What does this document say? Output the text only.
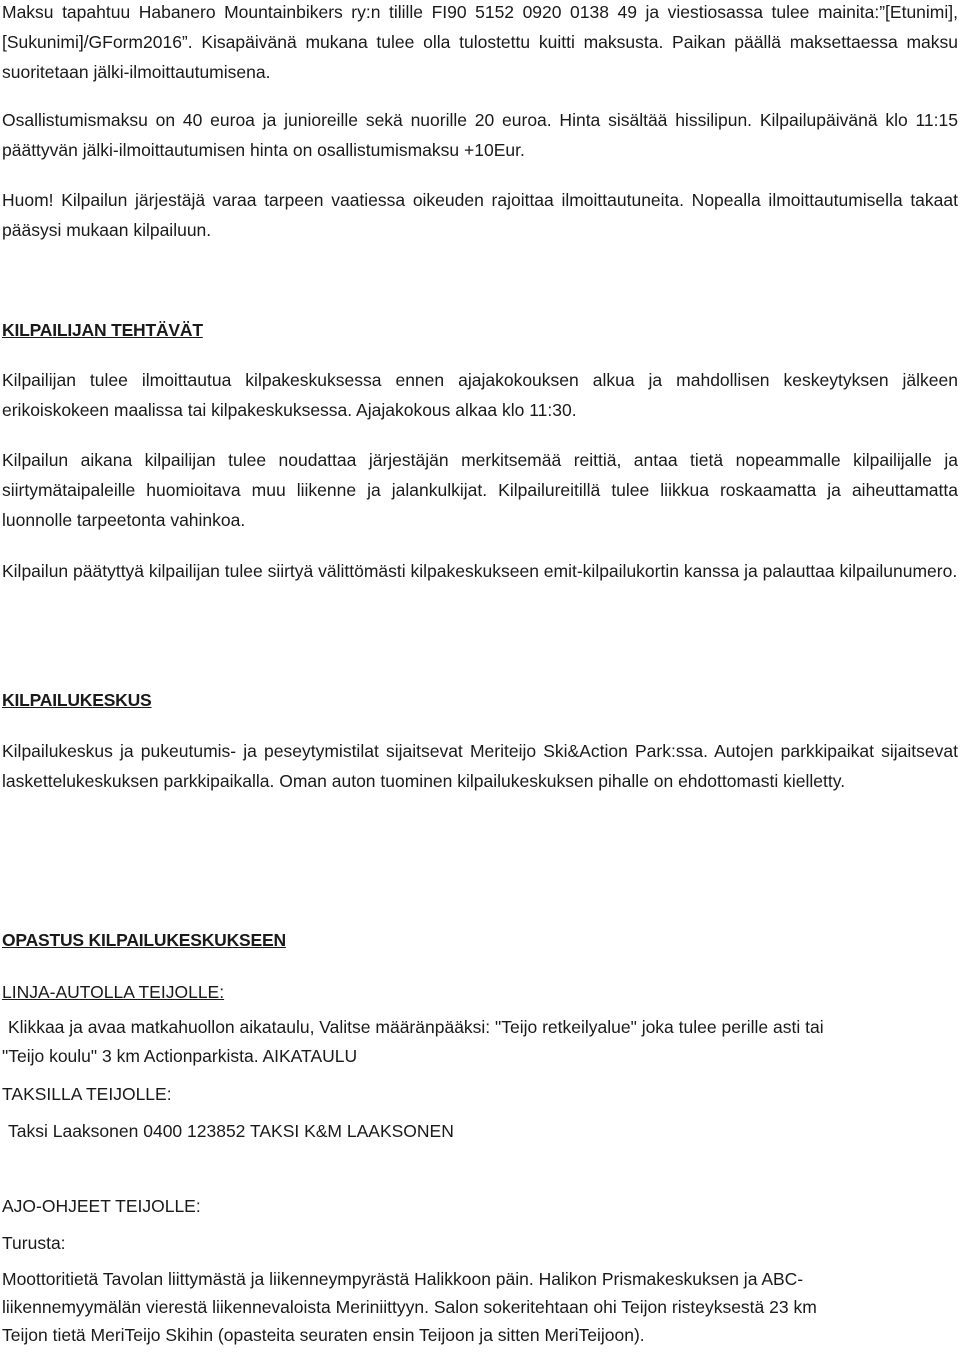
Maksu tapahtuu Habanero Mountainbikers ry:n tilille FI90 5152 0920 0138 49 ja viestiosassa tulee mainita:”[Etunimi], [Sukunimi]/GForm2016”. Kisapäivänä mukana tulee olla tulostettu kuitti maksusta. Paikan päällä maksettaessa maksu suoritetaan jälki-ilmoittautumisena.

Osallistumismaksu on 40 euroa ja junioreille sekä nuorille 20 euroa. Hinta sisältää hissilipun. Kilpailupäivänä klo 11:15 päättyvän jälki-ilmoittautumisen hinta on osallistumismaksu +10Eur.

Huom! Kilpailun järjestäjä varaa tarpeen vaatiessa oikeuden rajoittaa ilmoittautuneita. Nopealla ilmoittautumisella takaat pääsysi mukaan kilpailuun.

KILPAILIJAN TEHTÄVÄT

Kilpailijan tulee ilmoittautua kilpakeskuksessa ennen ajajakokouksen alkua ja mahdollisen keskeytyksen jälkeen erikoiskokeen maalissa tai kilpakeskuksessa. Ajajakokous alkaa klo 11:30.

Kilpailun aikana kilpailijan tulee noudattaa järjestäjän merkitsemää reittiä, antaa tietä nopeammalle kilpailijalle ja siirtymätaipaleille huomioitava muu liikenne ja jalankulkijat. Kilpailureitillä tulee liikkua roskaamatta ja aiheuttamatta luonnolle tarpeetonta vahinkoa.

Kilpailun päätyttyä kilpailijan tulee siirtyä välittömästi kilpakeskukseen emit-kilpailukortin kanssa ja palauttaa kilpailunumero.

KILPAILUKESKUS

Kilpailukeskus ja pukeutumis- ja peseytymistilat sijaitsevat Meriteijo Ski&Action Park:ssa. Autojen parkkipaikat sijaitsevat laskettelukeskuksen parkkipaikalla. Oman auton tuominen kilpailukeskuksen pihalle on ehdottomasti kielletty.

OPASTUS KILPAILUKESKUKSEEN

LINJA-AUTOLLA TEIJOLLE:

Klikkaa ja avaa matkahuollon aikataulu, Valitse määränpääksi: "Teijo retkeilyalue" joka tulee perille asti tai

"Teijo koulu" 3 km Actionparkista. AIKATAULU

TAKSILLA TEIJOLLE:

Taksi Laaksonen 0400 123852 TAKSI K&M LAAKSONEN

AJO-OHJEET TEIJOLLE:

Turusta:

Moottoritietä Tavolan liittymästä ja liikenneympyrästä Halikkoon päin. Halikon Prismakeskuksen ja ABC-

liikennemyymälän vierestä liikennevaloista Meriniittyyn. Salon sokeritehtaan ohi Teijon risteyksestä 23 km

Teijon tietä MeriTeijo Skihin (opasteita seuraten ensin Teijoon ja sitten MeriTeijoon).
